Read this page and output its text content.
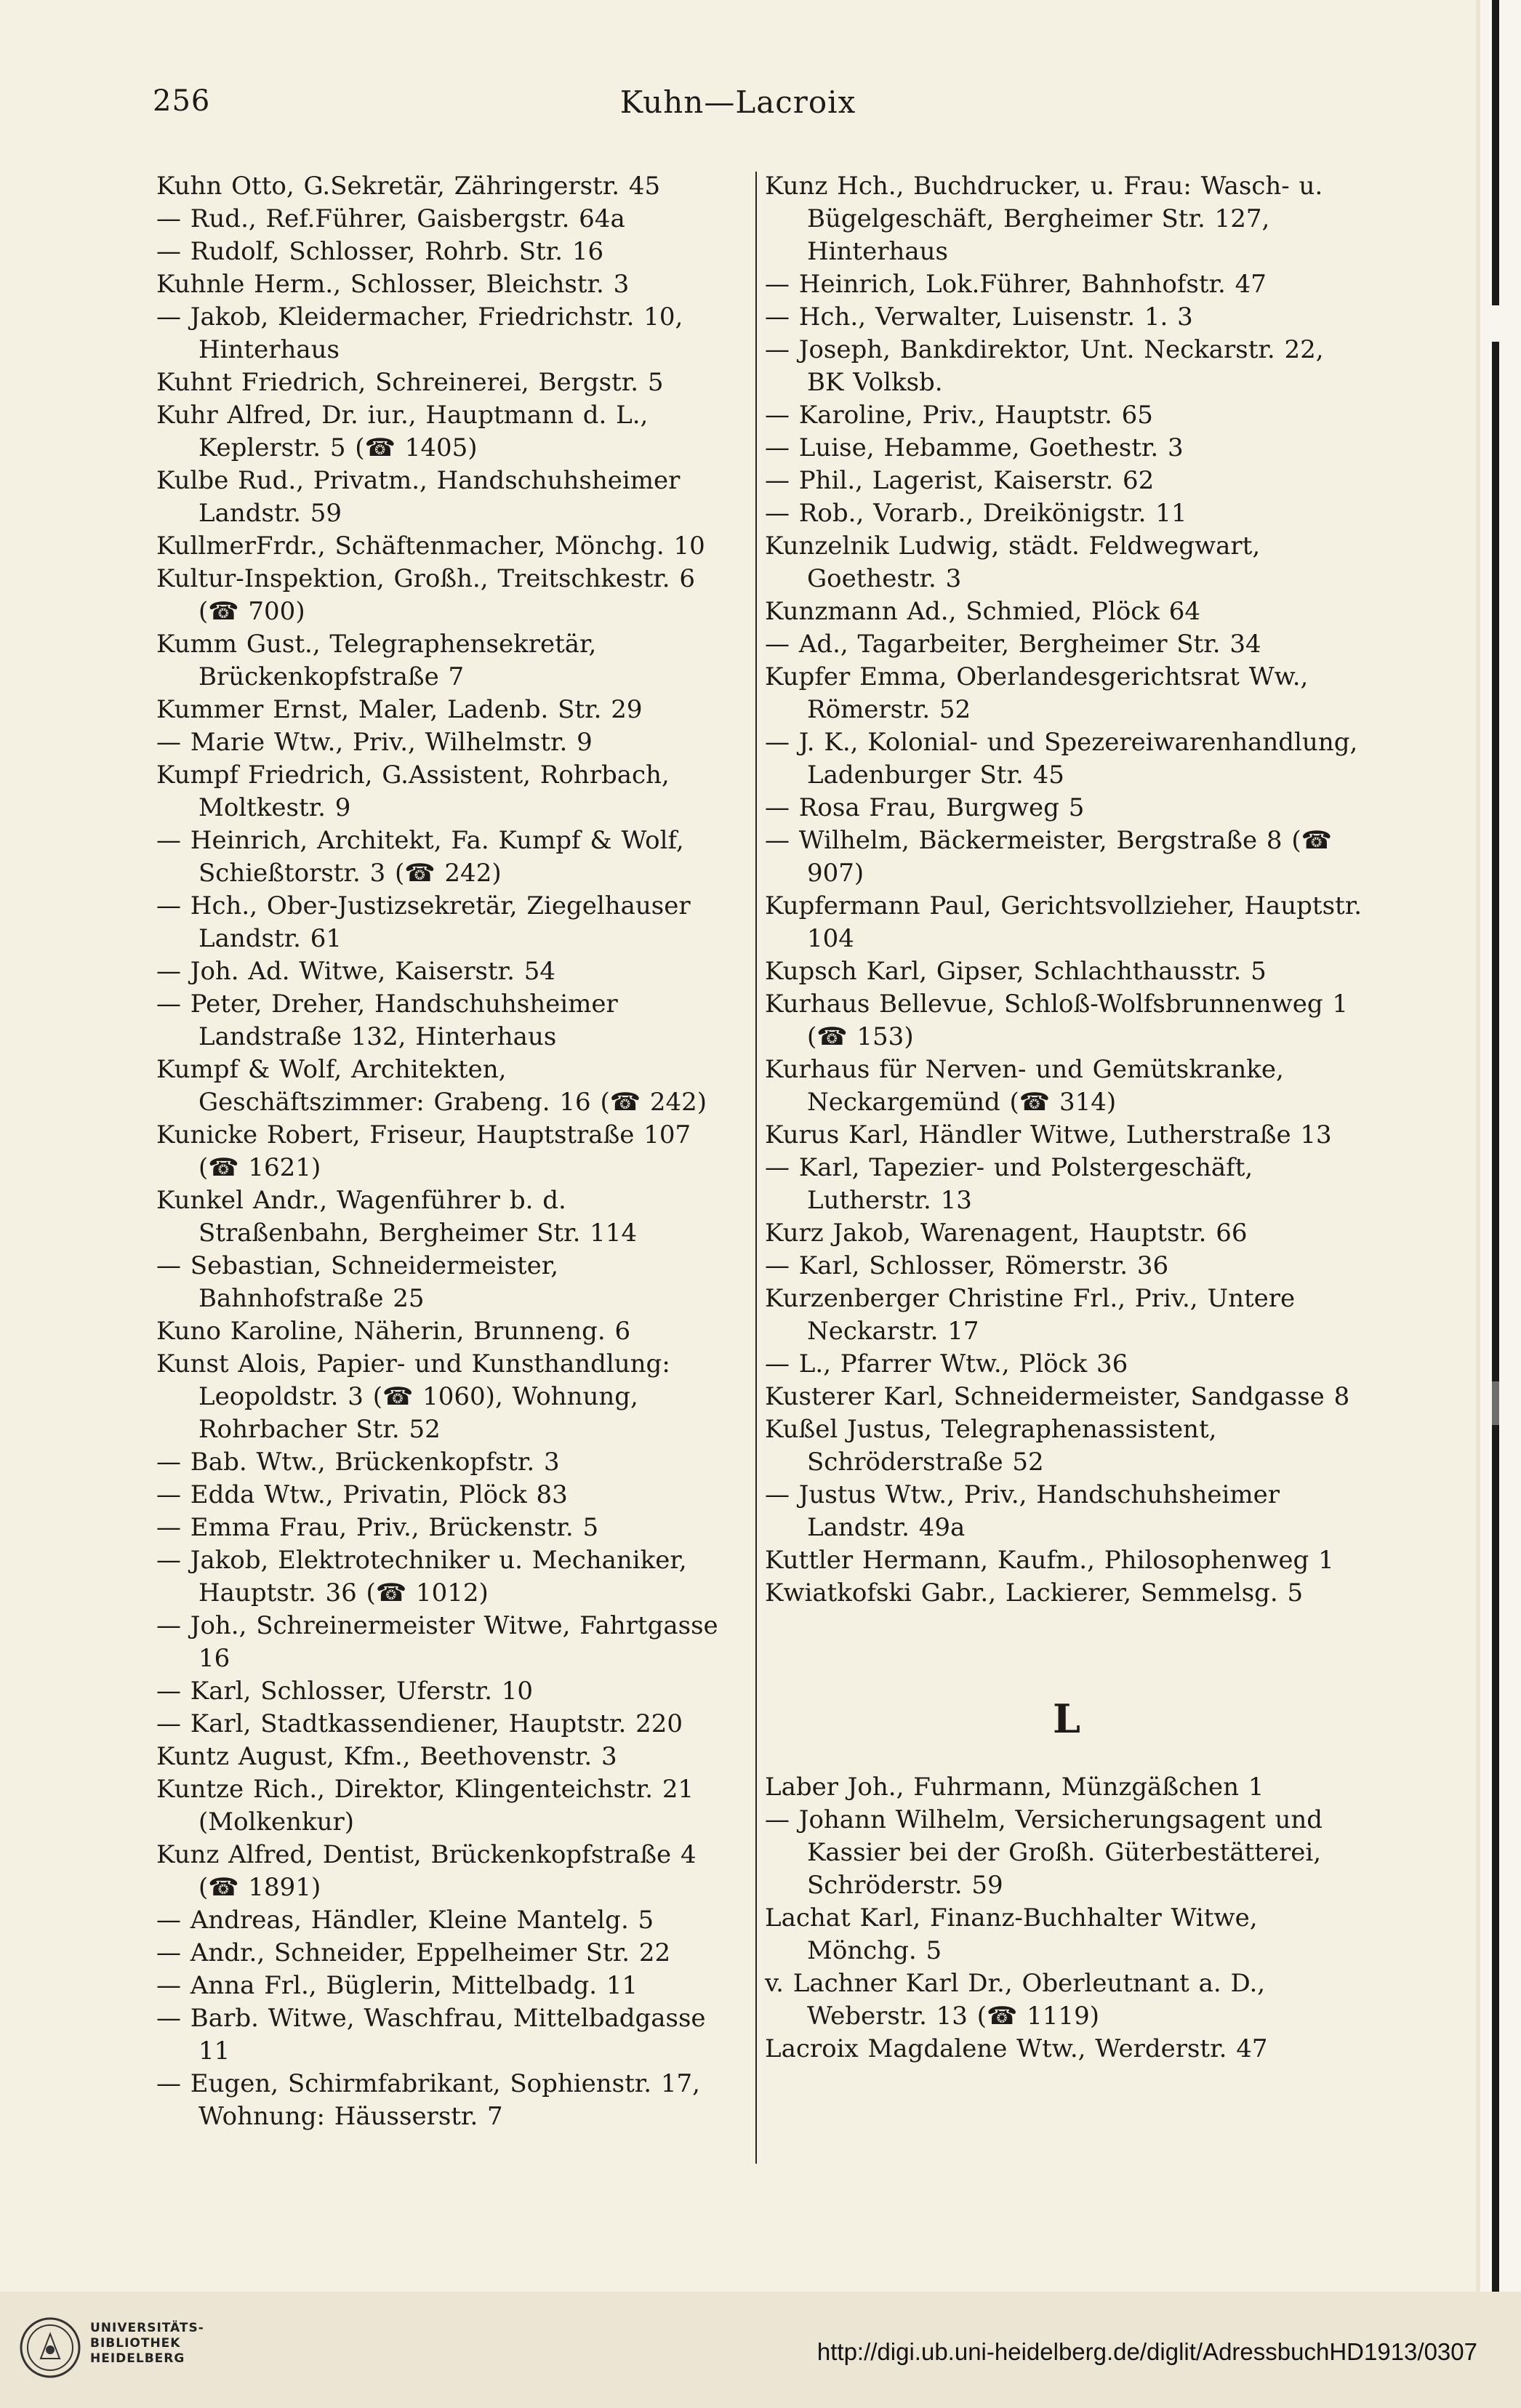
256	Kuhn—Lacroix

Kuhn Otto, G.Sekretär, Zähringerstr. 45

— Rud., Ref.Führer, Gaisbergstr. 64a

— Rudolf, Schlosser, Rohrb. Str. 16

Kuhnle Herm., Schlosser, Bleichstr. 3

— Jakob, Kleidermacher, Friedrichstr. 10, Hinterhaus

Kuhnt Friedrich, Schreinerei, Bergstr. 5

Kuhr Alfred, Dr. iur., Hauptmann d. L., Keplerstr. 5 (☎ 1405)

Kulbe Rud., Privatm., Handschuhsheimer Landstr. 59

KullmerFrdr., Schäftenmacher, Mönchg. 10

Kultur-Inspektion, Großh., Treitschkestr. 6 (☎ 700)

Kumm Gust., Telegraphensekretär, Brückenkopfstraße 7

Kummer Ernst, Maler, Ladenb. Str. 29

— Marie Wtw., Priv., Wilhelmstr. 9

Kumpf Friedrich, G.Assistent, Rohrbach, Moltkestr. 9

— Heinrich, Architekt, Fa. Kumpf & Wolf, Schießtorstr. 3 (☎ 242)

— Hch., Ober-Justizsekretär, Ziegelhauser Landstr. 61

— Joh. Ad. Witwe, Kaiserstr. 54

— Peter, Dreher, Handschuhsheimer Landstraße 132, Hinterhaus

Kumpf & Wolf, Architekten, Geschäftszimmer: Grabeng. 16 (☎ 242)

Kunicke Robert, Friseur, Hauptstraße 107 (☎ 1621)

Kunkel Andr., Wagenführer b. d. Straßenbahn, Bergheimer Str. 114

— Sebastian, Schneidermeister, Bahnhofstraße 25

Kuno Karoline, Näherin, Brunneng. 6

Kunst Alois, Papier- und Kunsthandlung: Leopoldstr. 3 (☎ 1060), Wohnung, Rohrbacher Str. 52

— Bab. Wtw., Brückenkopfstr. 3

— Edda Wtw., Privatin, Plöck 83

— Emma Frau, Priv., Brückenstr. 5

— Jakob, Elektrotechniker u. Mechaniker, Hauptstr. 36 (☎ 1012)

— Joh., Schreinermeister Witwe, Fahrtgasse 16

— Karl, Schlosser, Uferstr. 10

— Karl, Stadtkassendiener, Hauptstr. 220

Kuntz August, Kfm., Beethovenstr. 3

Kuntze Rich., Direktor, Klingenteichstr. 21 (Molkenkur)

Kunz Alfred, Dentist, Brückenkopfstraße 4 (☎ 1891)

— Andreas, Händler, Kleine Mantelg. 5

— Andr., Schneider, Eppelheimer Str. 22

— Anna Frl., Büglerin, Mittelbadg. 11

— Barb. Witwe, Waschfrau, Mittelbadgasse 11

— Eugen, Schirmfabrikant, Sophienstr. 17, Wohnung: Häusserstr. 7

Kunz Hch., Buchdrucker, u. Frau: Wasch- u. Bügelgeschäft, Bergheimer Str. 127, Hinterhaus

— Heinrich, Lok.Führer, Bahnhofstr. 47

— Hch., Verwalter, Luisenstr. 1. 3

— Joseph, Bankdirektor, Unt. Neckarstr. 22, BK Volksb.

— Karoline, Priv., Hauptstr. 65

— Luise, Hebamme, Goethestr. 3

— Phil., Lagerist, Kaiserstr. 62

— Rob., Vorarb., Dreikönigstr. 11

Kunzelnik Ludwig, städt. Feldwegwart, Goethestr. 3

Kunzmann Ad., Schmied, Plöck 64

— Ad., Tagarbeiter, Bergheimer Str. 34

Kupfer Emma, Oberlandesgerichtsrat Ww., Römerstr. 52

— J. K., Kolonial- und Spezereiwarenhandlung, Ladenburger Str. 45

— Rosa Frau, Burgweg 5

— Wilhelm, Bäckermeister, Bergstraße 8 (☎ 907)

Kupfermann Paul, Gerichtsvollzieher, Hauptstr. 104

Kupsch Karl, Gipser, Schlachthausstr. 5

Kurhaus Bellevue, Schloß-Wolfsbrunnenweg 1 (☎ 153)

Kurhaus für Nerven- und Gemütskranke, Neckargemünd (☎ 314)

Kurus Karl, Händler Witwe, Lutherstraße 13

— Karl, Tapezier- und Polstergeschäft, Lutherstr. 13

Kurz Jakob, Warenagent, Hauptstr. 66

— Karl, Schlosser, Römerstr. 36

Kurzenberger Christine Frl., Priv., Untere Neckarstr. 17

— L., Pfarrer Wtw., Plöck 36

Kusterer Karl, Schneidermeister, Sandgasse 8

Kußel Justus, Telegraphenassistent, Schröderstraße 52

— Justus Wtw., Priv., Handschuhsheimer Landstr. 49a

Kuttler Hermann, Kaufm., Philosophenweg 1

Kwiatkofski Gabr., Lackierer, Semmelsg. 5

L

Laber Joh., Fuhrmann, Münzgäßchen 1

— Johann Wilhelm, Versicherungsagent und Kassier bei der Großh. Güterbestätterei, Schröderstr. 59

Lachat Karl, Finanz-Buchhalter Witwe, Mönchg. 5

v. Lachner Karl Dr., Oberleutnant a. D., Weberstr. 13 (☎ 1119)

Lacroix Magdalene Wtw., Werderstr. 47

UNIVERSITÄTS-
BIBLIOTHEK
HEIDELBERG	http://digi.ub.uni-heidelberg.de/diglit/AdressbuchHD1913/0307
